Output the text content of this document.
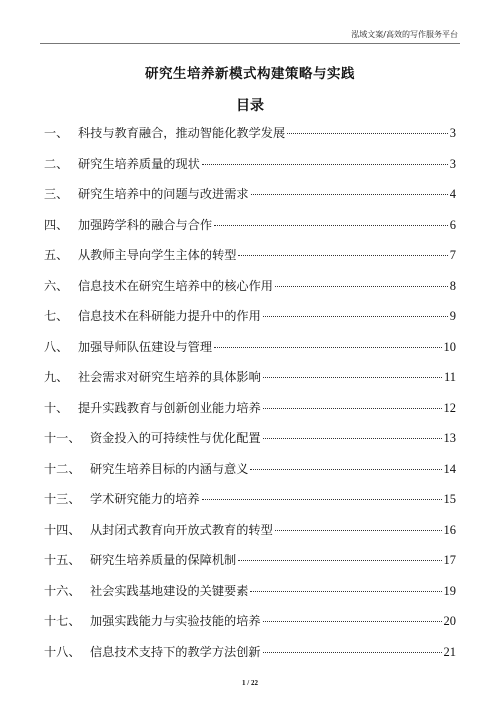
泓域文案/高效的写作服务平台
研究生培养新模式构建策略与实践
目录
一、 科技与教育融合，推动智能化教学发展	3
二、 研究生培养质量的现状	3
三、 研究生培养中的问题与改进需求	4
四、 加强跨学科的融合与合作	6
五、 从教师主导向学生主体的转型	7
六、 信息技术在研究生培养中的核心作用	8
七、 信息技术在科研能力提升中的作用	9
八、 加强导师队伍建设与管理	10
九、 社会需求对研究生培养的具体影响	11
十、 提升实践教育与创新创业能力培养	12
十一、 资金投入的可持续性与优化配置	13
十二、 研究生培养目标的内涵与意义	14
十三、 学术研究能力的培养	15
十四、 从封闭式教育向开放式教育的转型	16
十五、 研究生培养质量的保障机制	17
十六、 社会实践基地建设的关键要素	19
十七、 加强实践能力与实验技能的培养	20
十八、 信息技术支持下的教学方法创新	21
1 / 22
